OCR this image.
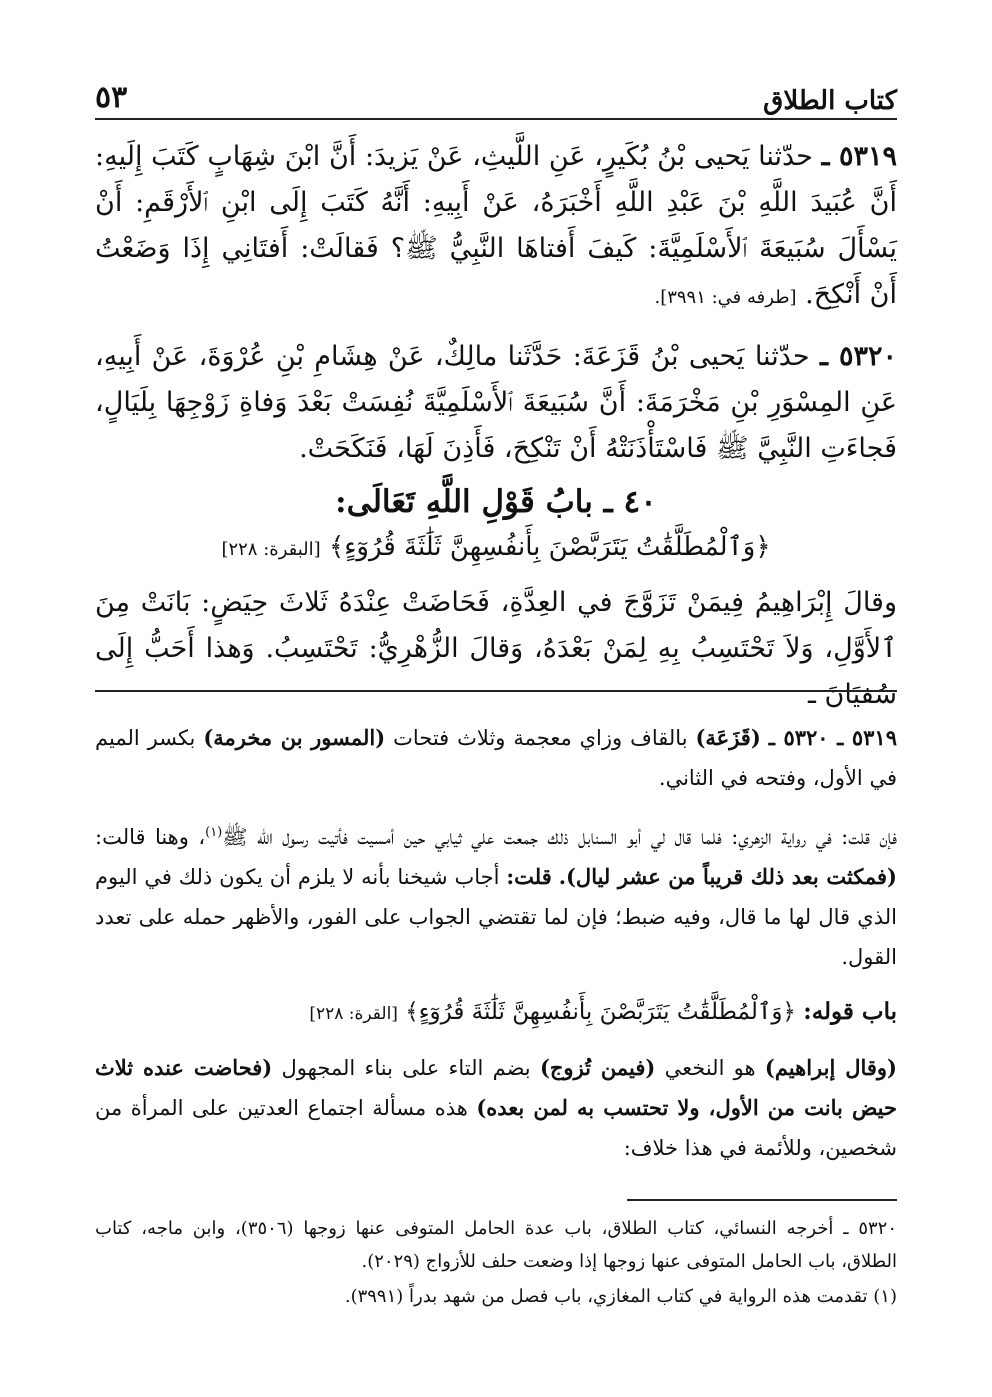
كتاب الطلاق
٥٣

٥٣١٩ ـ حدّثنا يَحيى بْنُ بُكَيرٍ، عَنِ اللَّيثِ، عَنْ يَزيدَ: أَنَّ ابْنَ شِهَابٍ كَتَبَ إِلَيهِ: أَنَّ عُبَيدَ اللَّهِ بْنَ عَبْدِ اللَّهِ أَخْبَرَهُ، عَنْ أَبِيهِ: أَنَّهُ كَتَبَ إِلَى ابْنِ ٱلأَرْقَمِ: أَنْ يَسْأَلَ سُبَيعَةَ ٱلأَسْلَمِيَّةَ: كَيفَ أَفتاهَا النَّبِيُّ ﷺ؟ فَقالَتْ: أَفتَانِي إِذَا وَضَعْتُ أَنْ أَنْكِحَ. [طرفه في: ٣٩٩١].

٥٣٢٠ ـ حدّثنا يَحيى بْنُ قَزَعَةَ: حَدَّثَنا مالِكٌ، عَنْ هِشَامِ بْنِ عُرْوَةَ، عَنْ أَبِيهِ، عَنِ المِسْوَرِ بْنِ مَخْرَمَةَ: أَنَّ سُبَيعَةَ ٱلأَسْلَمِيَّةَ نُفِسَتْ بَعْدَ وَفاةِ زَوْجِهَا بِلَيَالٍ، فَجاءَتِ النَّبِيَّ ﷺ فَاسْتَأْذَنَتْهُ أَنْ تَنْكِحَ، فَأَذِنَ لَهَا، فَنَكَحَتْ.

٤٠ ـ بابُ قَوْلِ اللَّهِ تَعَالَى:
﴿وَٱلْمُطَلَّقَٰتُ يَتَرَبَّصْنَ بِأَنفُسِهِنَّ ثَلَٰثَةَ قُرُوٓءٍ﴾ [البقرة: ٢٢٨]

وقالَ إِبْرَاهِيمُ فِيمَنْ تَزَوَّجَ في العِدَّةِ، فَحَاضَتْ عِنْدَهُ ثَلاثَ حِيَضٍ: بَانَتْ مِنَ ٱلأَوَّلِ، وَلاَ تَحْتَسِبُ بِهِ لِمَنْ بَعْدَهُ، وَقالَ الزُّهْرِيُّ: تَحْتَسِبُ. وَهذا أَحَبُّ إِلَى سُفيَانَ ـ

٥٣١٩ ـ ٥٣٢٠ ـ (قَزَعَة) بالقاف وزاي معجمة وثلاث فتحات (المسور بن مخرمة) بكسر الميم في الأول، وفتحه في الثاني.

فإن قلت: في رواية الزهري: فلما قال لي أبو السنابل ذلك جمعت علي ثيابي حين أمسيت فأتيت رسول الله ﷺ$^{(١)}$، وهنا قالت: (فمكثت بعد ذلك قريباً من عشر ليال). قلت: أجاب شيخنا بأنه لا يلزم أن يكون ذلك في اليوم الذي قال لها ما قال، وفيه ضبط؛ فإن لما تقتضي الجواب على الفور، والأظهر حمله على تعدد القول.

باب قوله: ﴿وَٱلْمُطَلَّقَٰتُ يَتَرَبَّصْنَ بِأَنفُسِهِنَّ ثَلَٰثَةَ قُرُوٓءٍ﴾ [القرة: ٢٢٨]

(وقال إبراهيم) هو النخعي (فيمن تُزوج) بضم التاء على بناء المجهول (فحاضت عنده ثلاث حيض بانت من الأول، ولا تحتسب به لمن بعده) هذه مسألة اجتماع العدتين على المرأة من شخصين، وللأئمة في هذا خلاف:

٥٣٢٠ ـ أخرجه النسائي، كتاب الطلاق، باب عدة الحامل المتوفى عنها زوجها (٣٥٠٦)، وابن ماجه، كتاب الطلاق، باب الحامل المتوفى عنها زوجها إذا وضعت حلف للأزواج (٢٠٢٩).

(١) تقدمت هذه الرواية في كتاب المغازي، باب فصل من شهد بدراً (٣٩٩١).
